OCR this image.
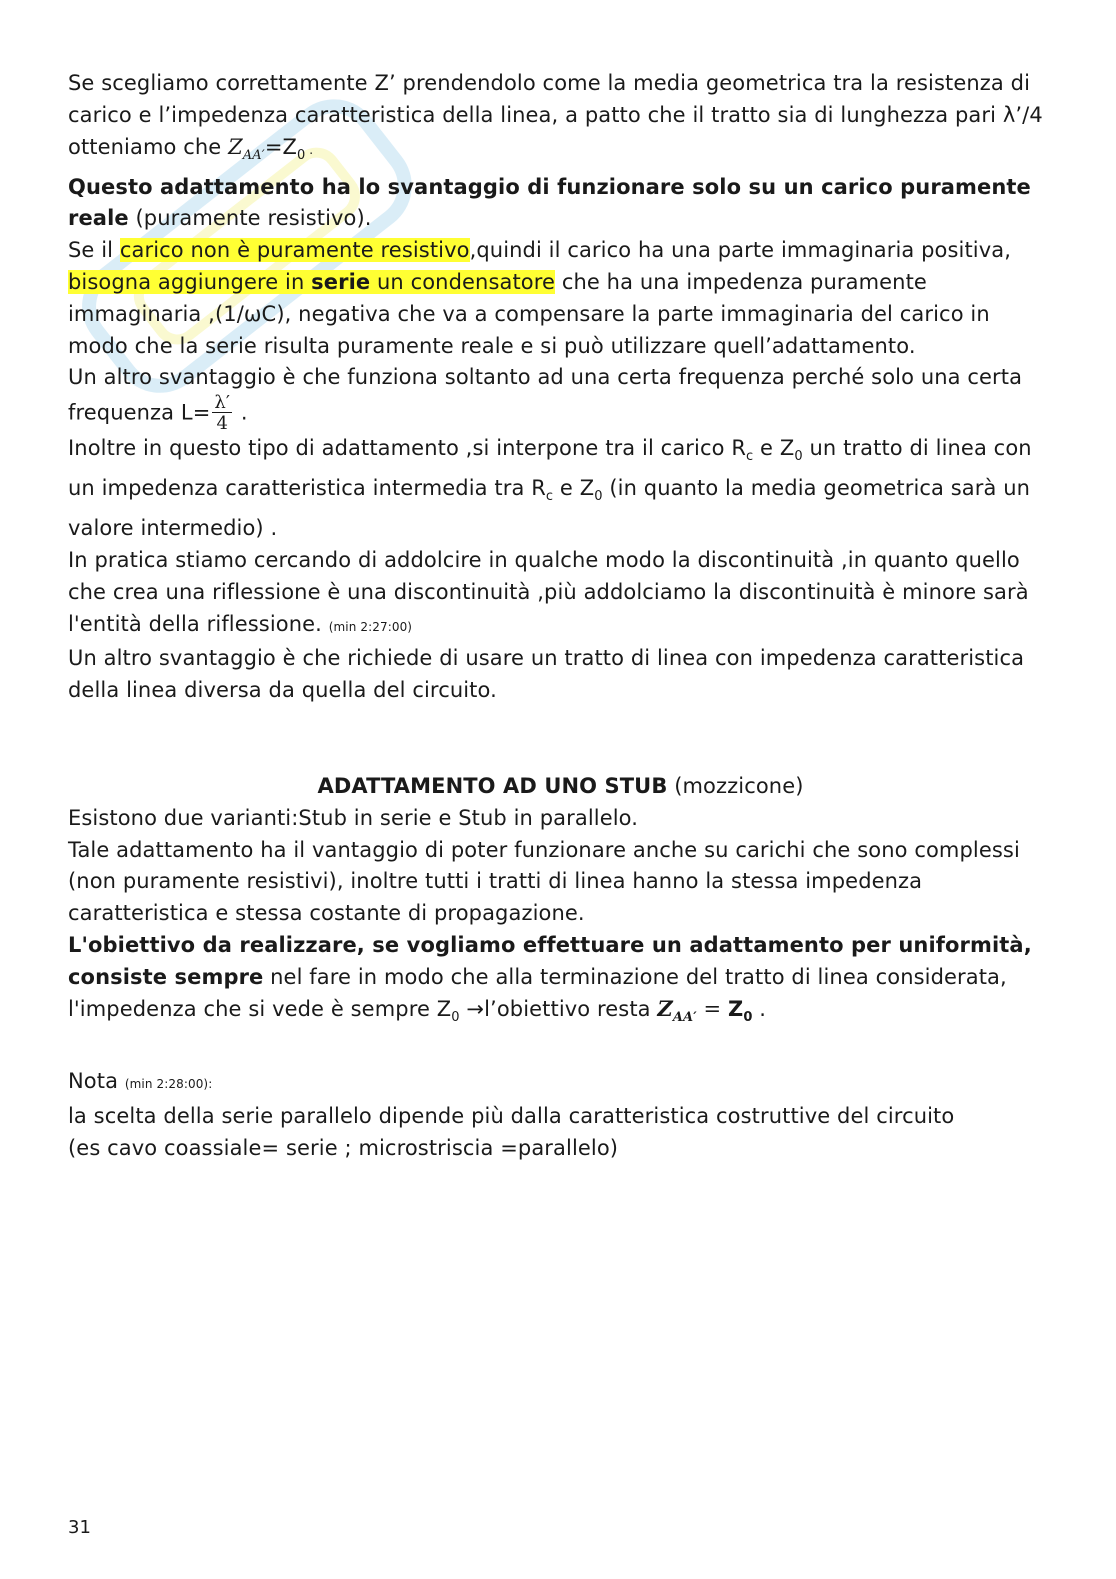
Se scegliamo correttamente Z’ prendendolo come la media geometrica tra la resistenza di carico e l’impedenza caratteristica della linea, a patto che il tratto sia di lunghezza pari λ’/4 otteniamo che $Z_{AA'}=Z_0$ .

Questo adattamento ha lo svantaggio di funzionare solo su un carico puramente reale (puramente resistivo).

Se il carico non è puramente resistivo,quindi il carico ha una parte immaginaria positiva, bisogna aggiungere in serie un condensatore che ha una impedenza puramente immaginaria ,(1/ωC), negativa che va a compensare la parte immaginaria del carico in modo che la serie risulta puramente reale e si può utilizzare quell’adattamento.

Un altro svantaggio è che funziona soltanto ad una certa frequenza perché solo una certa frequenza $L= \frac{\lambda'}{4}$ .

Inoltre in questo tipo di adattamento ,si interpone tra il carico $R_c$ e $Z_0$ un tratto di linea con un impedenza caratteristica intermedia tra $R_c$ e $Z_0$ (in quanto la media geometrica sarà un valore intermedio) .

In pratica stiamo cercando di addolcire in qualche modo la discontinuità ,in quanto quello che crea una riflessione è una discontinuità ,più addolciamo la discontinuità è minore sarà l'entità della riflessione. (min 2:27:00)

Un altro svantaggio è che richiede di usare un tratto di linea con impedenza caratteristica della linea diversa da quella del circuito.

ADATTAMENTO AD UNO STUB (mozzicone)

Esistono due varianti:Stub in serie e Stub in parallelo.

Tale adattamento ha il vantaggio di poter funzionare anche su carichi che sono complessi (non puramente resistivi), inoltre tutti i tratti di linea hanno la stessa impedenza caratteristica e stessa costante di propagazione.

L'obiettivo da realizzare, se vogliamo effettuare un adattamento per uniformità, consiste sempre nel fare in modo che alla terminazione del tratto di linea considerata, l'impedenza che si vede è sempre $Z_0$ →l’obiettivo resta $Z_{AA'} = Z_0$ .

Nota (min 2:28:00):

la scelta della serie parallelo dipende più dalla caratteristica costruttive del circuito

(es cavo coassiale= serie ; microstriscia =parallelo)

31
